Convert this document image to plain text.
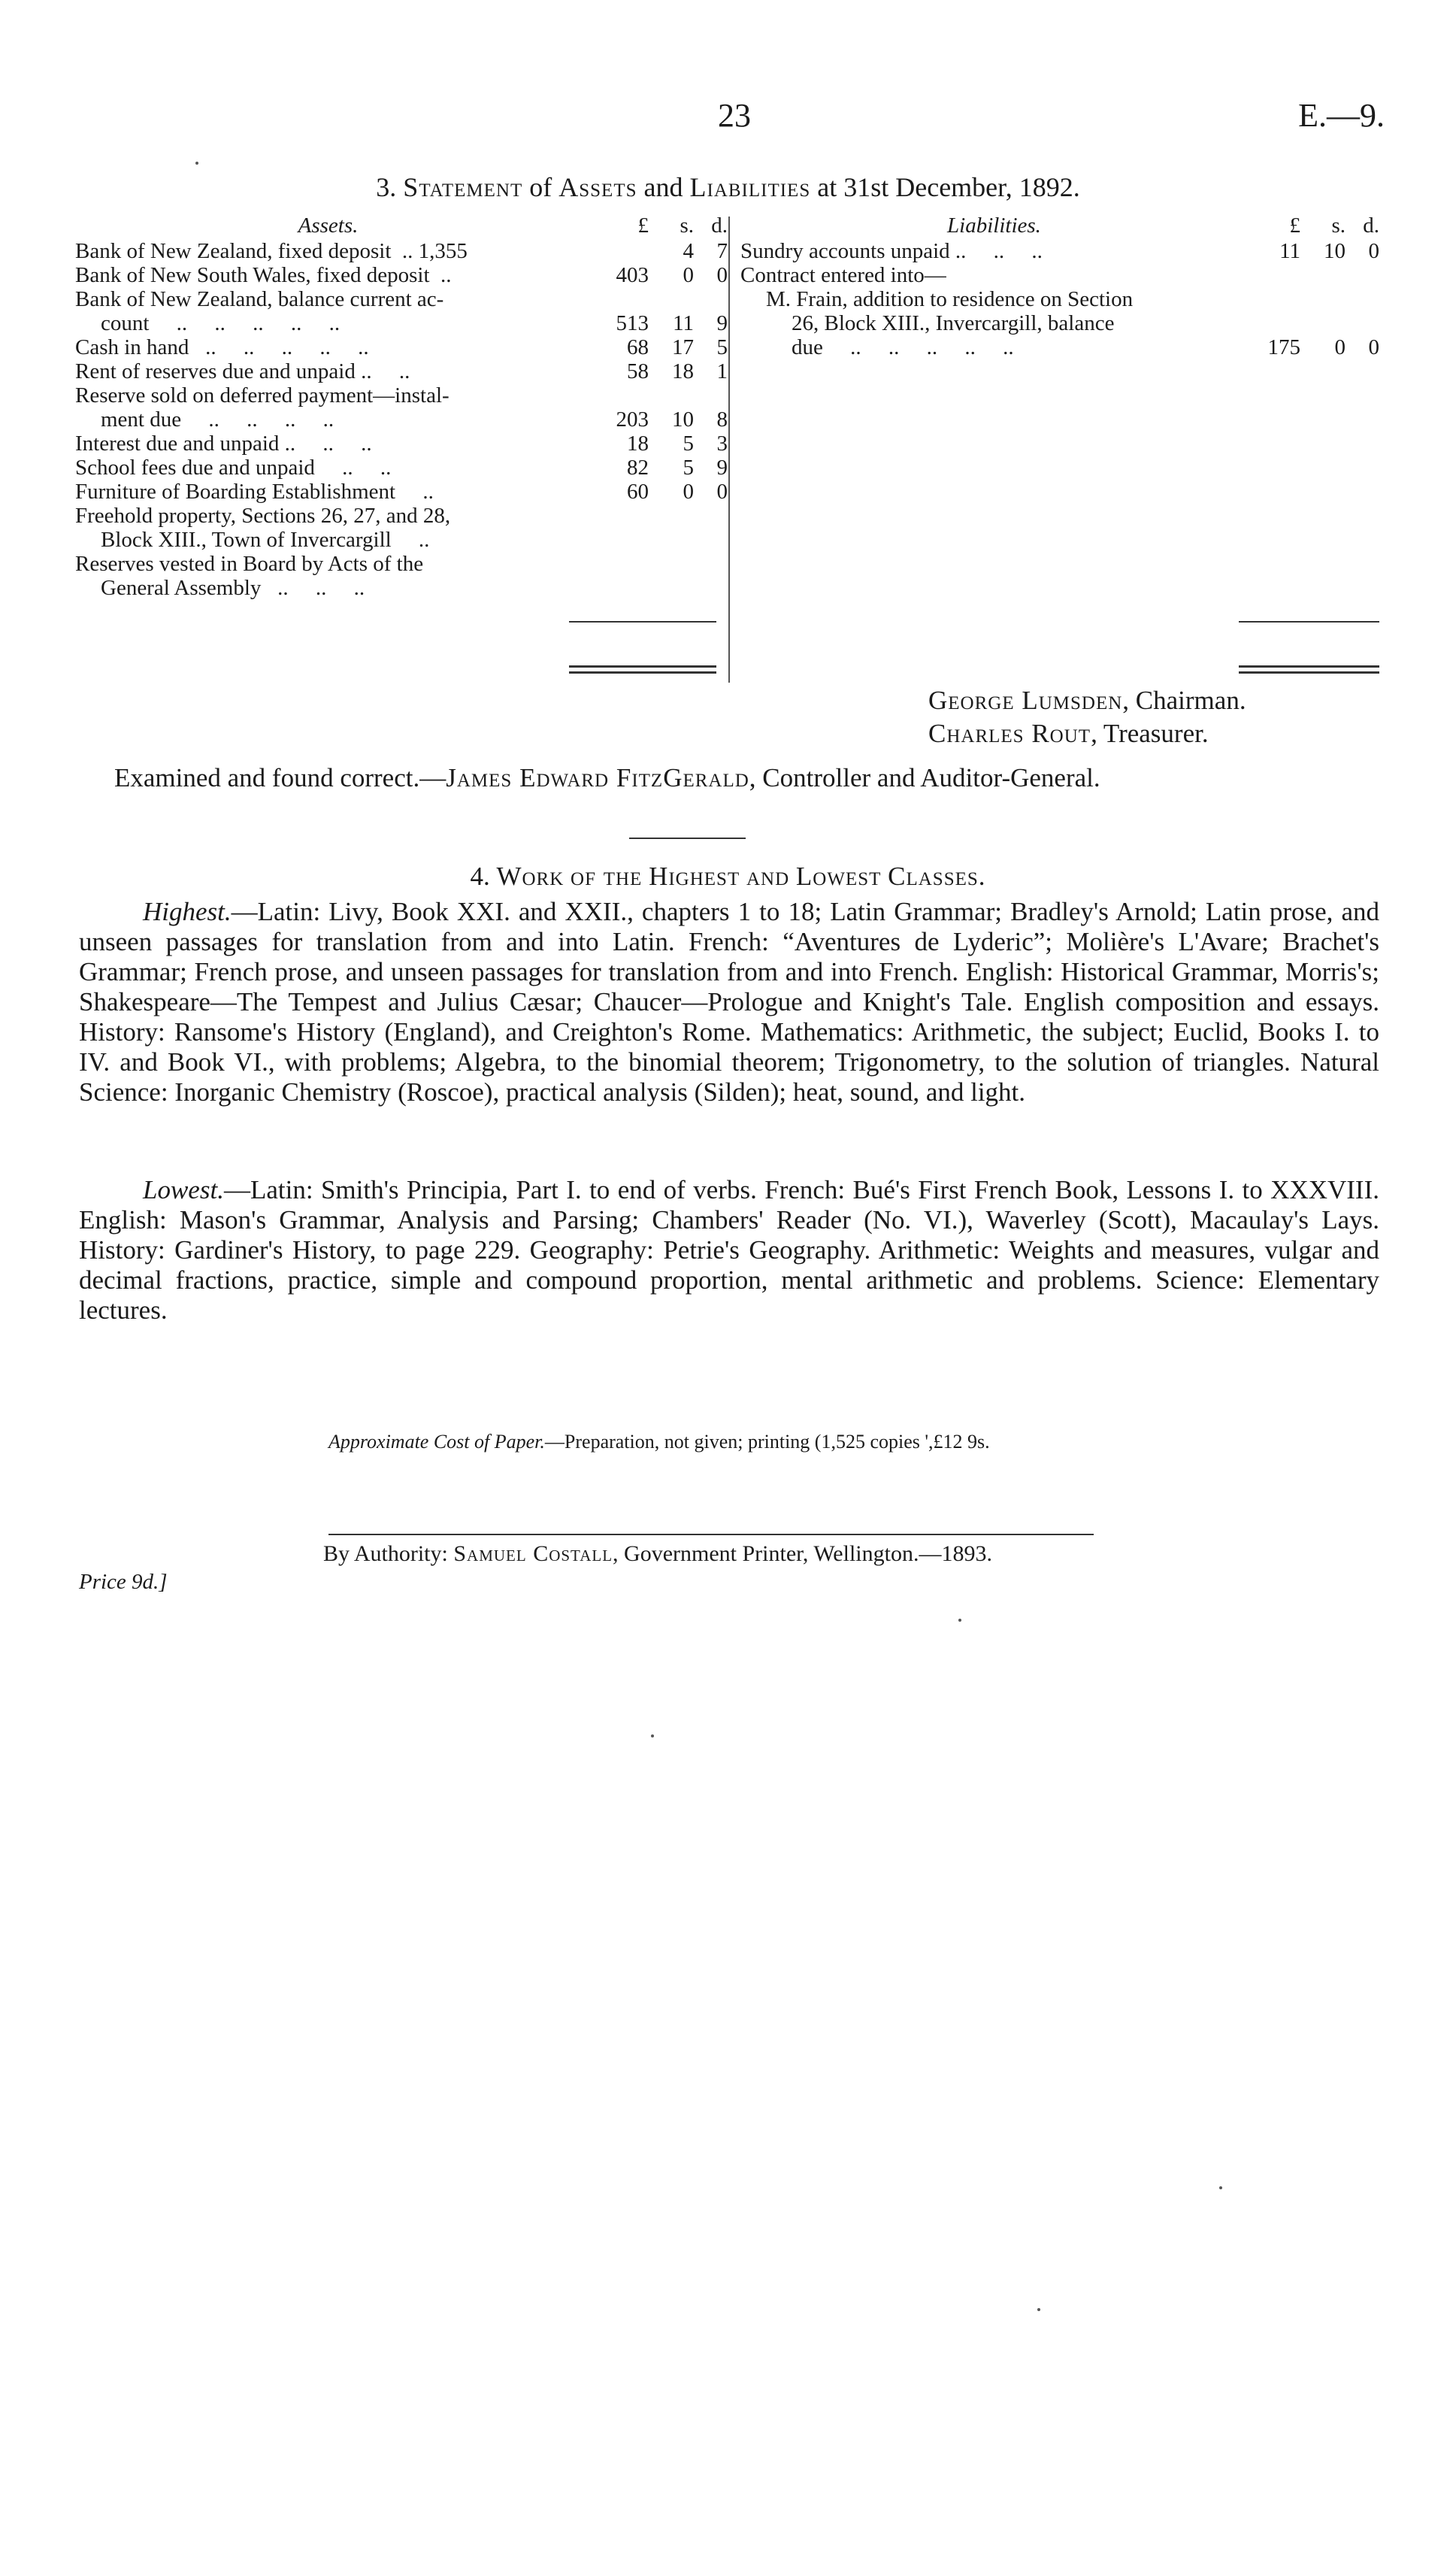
23	E.—9.
3. Statement of Assets and Liabilities at 31st December, 1892.
Assets.	£	s. d.
Bank of New Zealand, fixed deposit  .. 1,355	4	7
Bank of New South Wales, fixed deposit  ..	403	0	0
Bank of New Zealand, balance current ac-
count     ..     ..     ..     ..     ..	513	11	9
Cash in hand   ..     ..     ..     ..     ..	68	17	5
Rent of reserves due and unpaid ..     ..	58	18	1
Reserve sold on deferred payment—instal-
ment due     ..     ..     ..     ..	203	10	8
Interest due and unpaid ..     ..     ..	18	5	3
School fees due and unpaid     ..     ..	82	5	9
Furniture of Boarding Establishment     ..	60	0	0
Freehold property, Sections 26, 27, and 28,
Block XIII., Town of Invercargill     ..
Reserves vested in Board by Acts of the
General Assembly   ..     ..     ..
Liabilities.	£	s. d.
Sundry accounts unpaid ..     ..     ..	11	10	0
Contract entered into—
M. Frain, addition to residence on Section
26, Block XIII., Invercargill, balance
due     ..     ..     ..     ..     ..	175	0	0
George Lumsden, Chairman.
Charles Rout, Treasurer.
Examined and found correct.—James Edward FitzGerald, Controller and Auditor-General.
4. Work of the Highest and Lowest Classes.

Highest.—Latin: Livy, Book XXI. and XXII., chapters 1 to 18; Latin Grammar; Bradley's Arnold; Latin prose, and unseen passages for translation from and into Latin. French: “Aventures de Lyderic”; Molière's L'Avare; Brachet's Grammar; French prose, and unseen passages for translation from and into French. English: Historical Grammar, Morris's; Shakespeare—The Tempest and Julius Cæsar; Chaucer—Prologue and Knight's Tale. English composition and essays. History: Ransome's History (England), and Creighton's Rome. Mathematics: Arithmetic, the subject; Euclid, Books I. to IV. and Book VI., with problems; Algebra, to the binomial theorem; Trigonometry, to the solution of triangles. Natural Science: Inorganic Chemistry (Roscoe), practical analysis (Silden); heat, sound, and light.

Lowest.—Latin: Smith's Principia, Part I. to end of verbs. French: Bué's First French Book, Lessons I. to XXXVIII. English: Mason's Grammar, Analysis and Parsing; Chambers' Reader (No. VI.), Waverley (Scott), Macaulay's Lays. History: Gardiner's History, to page 229. Geography: Petrie's Geography. Arithmetic: Weights and measures, vulgar and decimal fractions, practice, simple and compound proportion, mental arithmetic and problems. Science: Elementary lectures.

Approximate Cost of Paper.—Preparation, not given; printing (1,525 copies ',£12 9s.
By Authority: Samuel Costall, Government Printer, Wellington.—1893.
Price 9d.]
